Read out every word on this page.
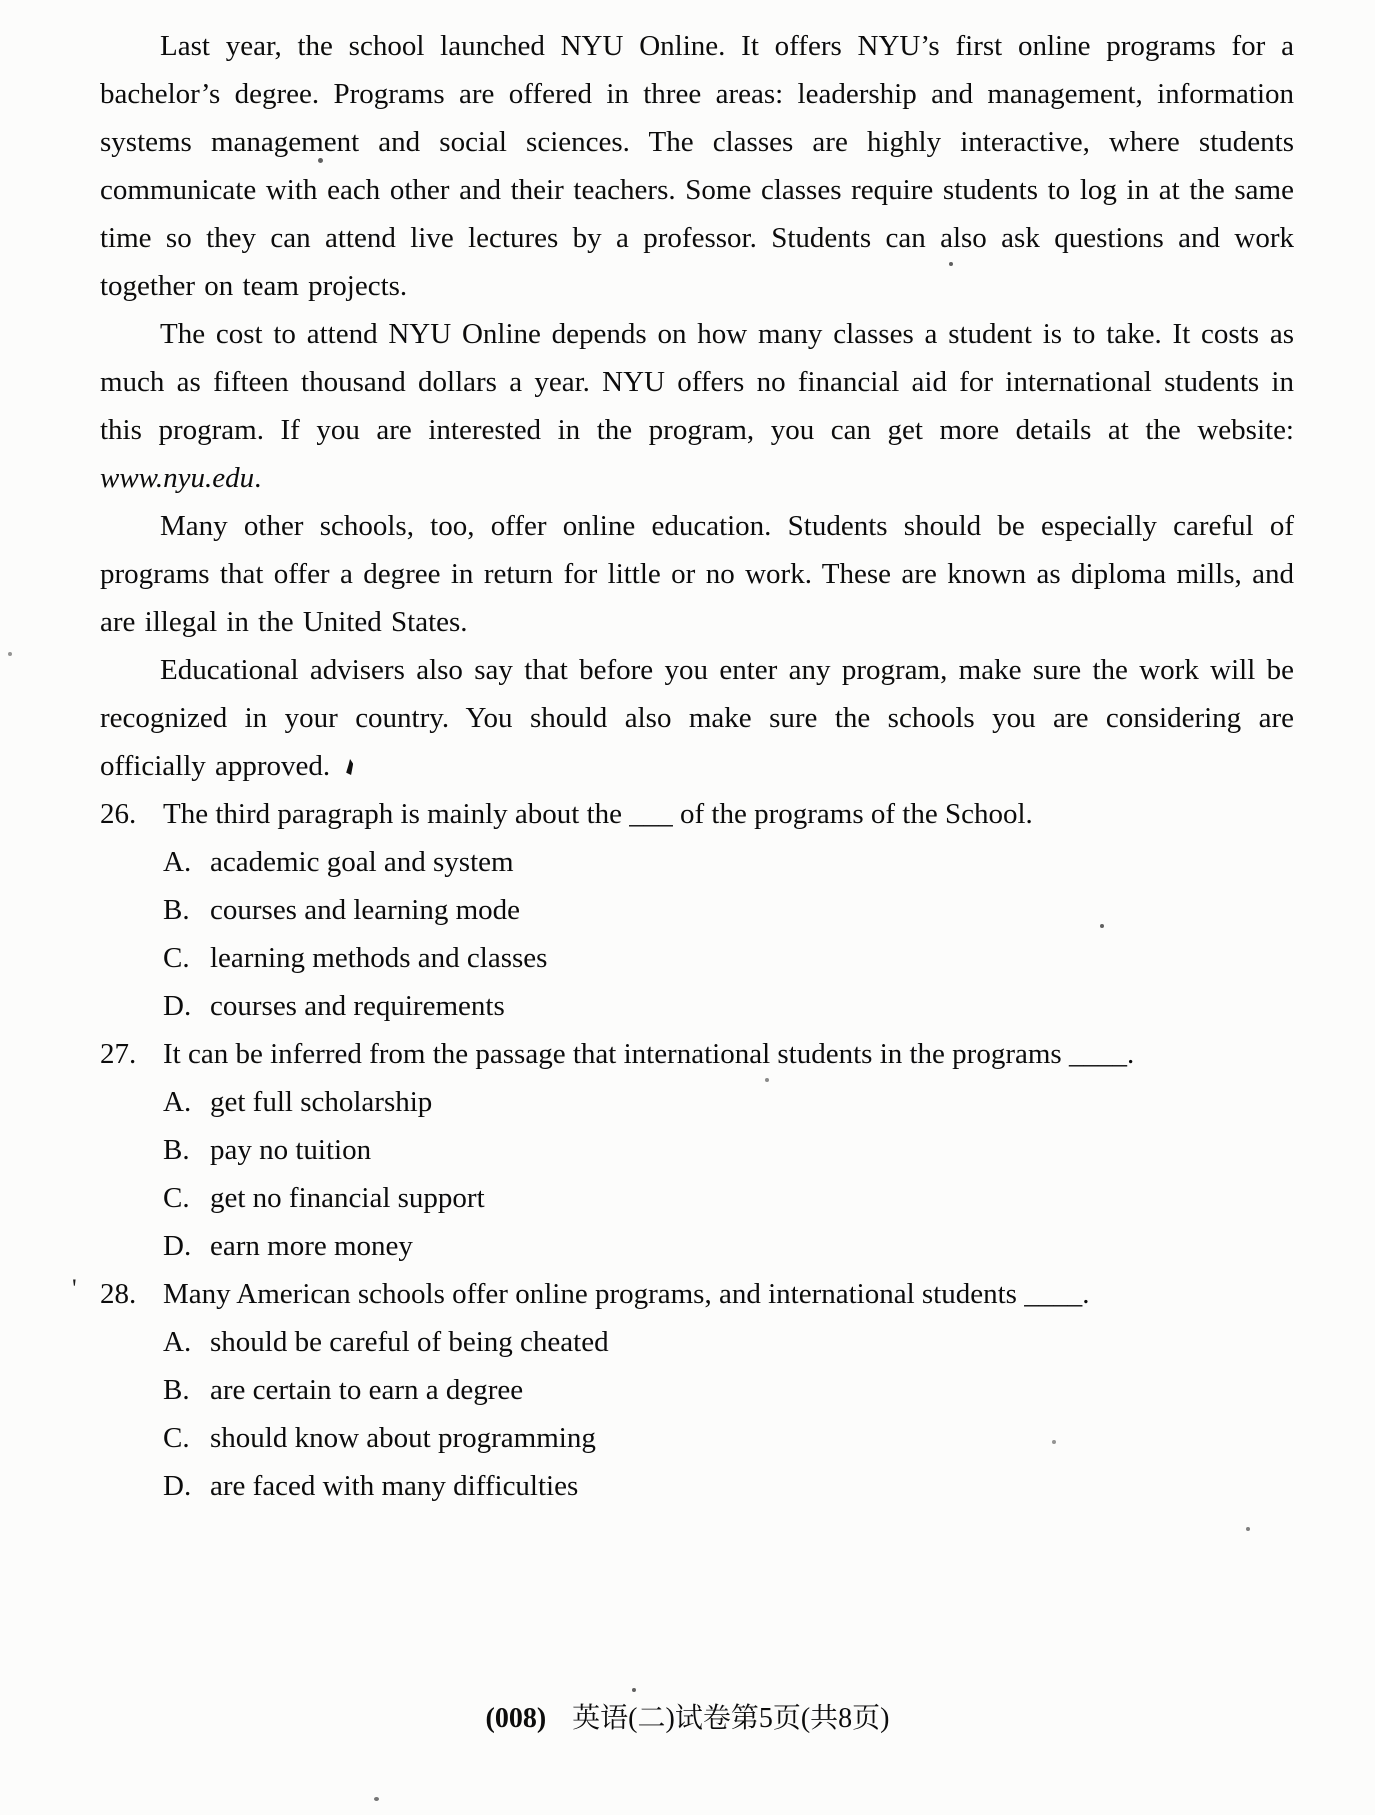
Last year, the school launched NYU Online. It offers NYU’s first online programs for a bachelor’s degree. Programs are offered in three areas: leadership and management, information systems management and social sciences. The classes are highly interactive, where students communicate with each other and their teachers. Some classes require students to log in at the same time so they can attend live lectures by a professor. Students can also ask questions and work together on team projects.

The cost to attend NYU Online depends on how many classes a student is to take. It costs as much as fifteen thousand dollars a year. NYU offers no financial aid for international students in this program. If you are interested in the program, you can get more details at the website: www.nyu.edu.

Many other schools, too, offer online education. Students should be especially careful of programs that offer a degree in return for little or no work. These are known as diploma mills, and are illegal in the United States.

Educational advisers also say that before you enter any program, make sure the work will be recognized in your country. You should also make sure the schools you are considering are officially approved.

26. The third paragraph is mainly about the ___ of the programs of the School.
A. academic goal and system
B. courses and learning mode
C. learning methods and classes
D. courses and requirements
27. It can be inferred from the passage that international students in the programs ____.
A. get full scholarship
B. pay no tuition
C. get no financial support
D. earn more money
28. Many American schools offer online programs, and international students ____.
A. should be careful of being cheated
B. are certain to earn a degree
C. should know about programming
D. are faced with many difficulties
'
(008) 英语(二)试卷第5页(共8页)
